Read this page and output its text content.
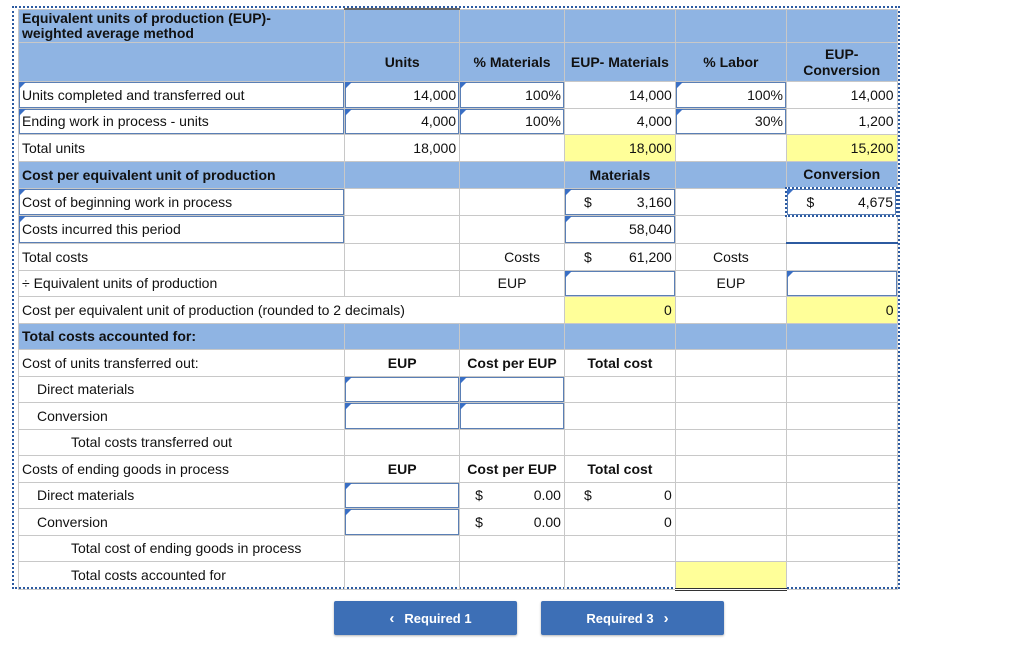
Equivalent units of production (EUP)-
weighted average method					

	Units	% Materials	EUP- Materials	% Labor	EUP-
Conversion
Units completed and transferred out	14,000	100%	14,000	100%	14,000
Ending work in process - units	4,000	100%	4,000	30%	1,200
Total units	18,000		18,000		15,200
Cost per equivalent unit of production			Materials		Conversion
Cost of beginning work in process			$ 3,160		$ 4,675

Costs incurred this period			58,040		
Total costs		Costs	$ 61,200	Costs	
÷ Equivalent units of production		EUP		EUP	
Cost per equivalent unit of production (rounded to 2 decimals)			0		0
Total costs accounted for:					
Cost of units transferred out:	EUP	Cost per EUP	Total cost		
Direct materials					
Conversion					
Total costs transferred out					
Costs of ending goods in process	EUP	Cost per EUP	Total cost		
Direct materials		$ 0.00	$ 0		

Conversion		$ 0.00	0		
Total cost of ending goods in process					
Total costs accounted for					
‹ Required 1	Required 3 ›
